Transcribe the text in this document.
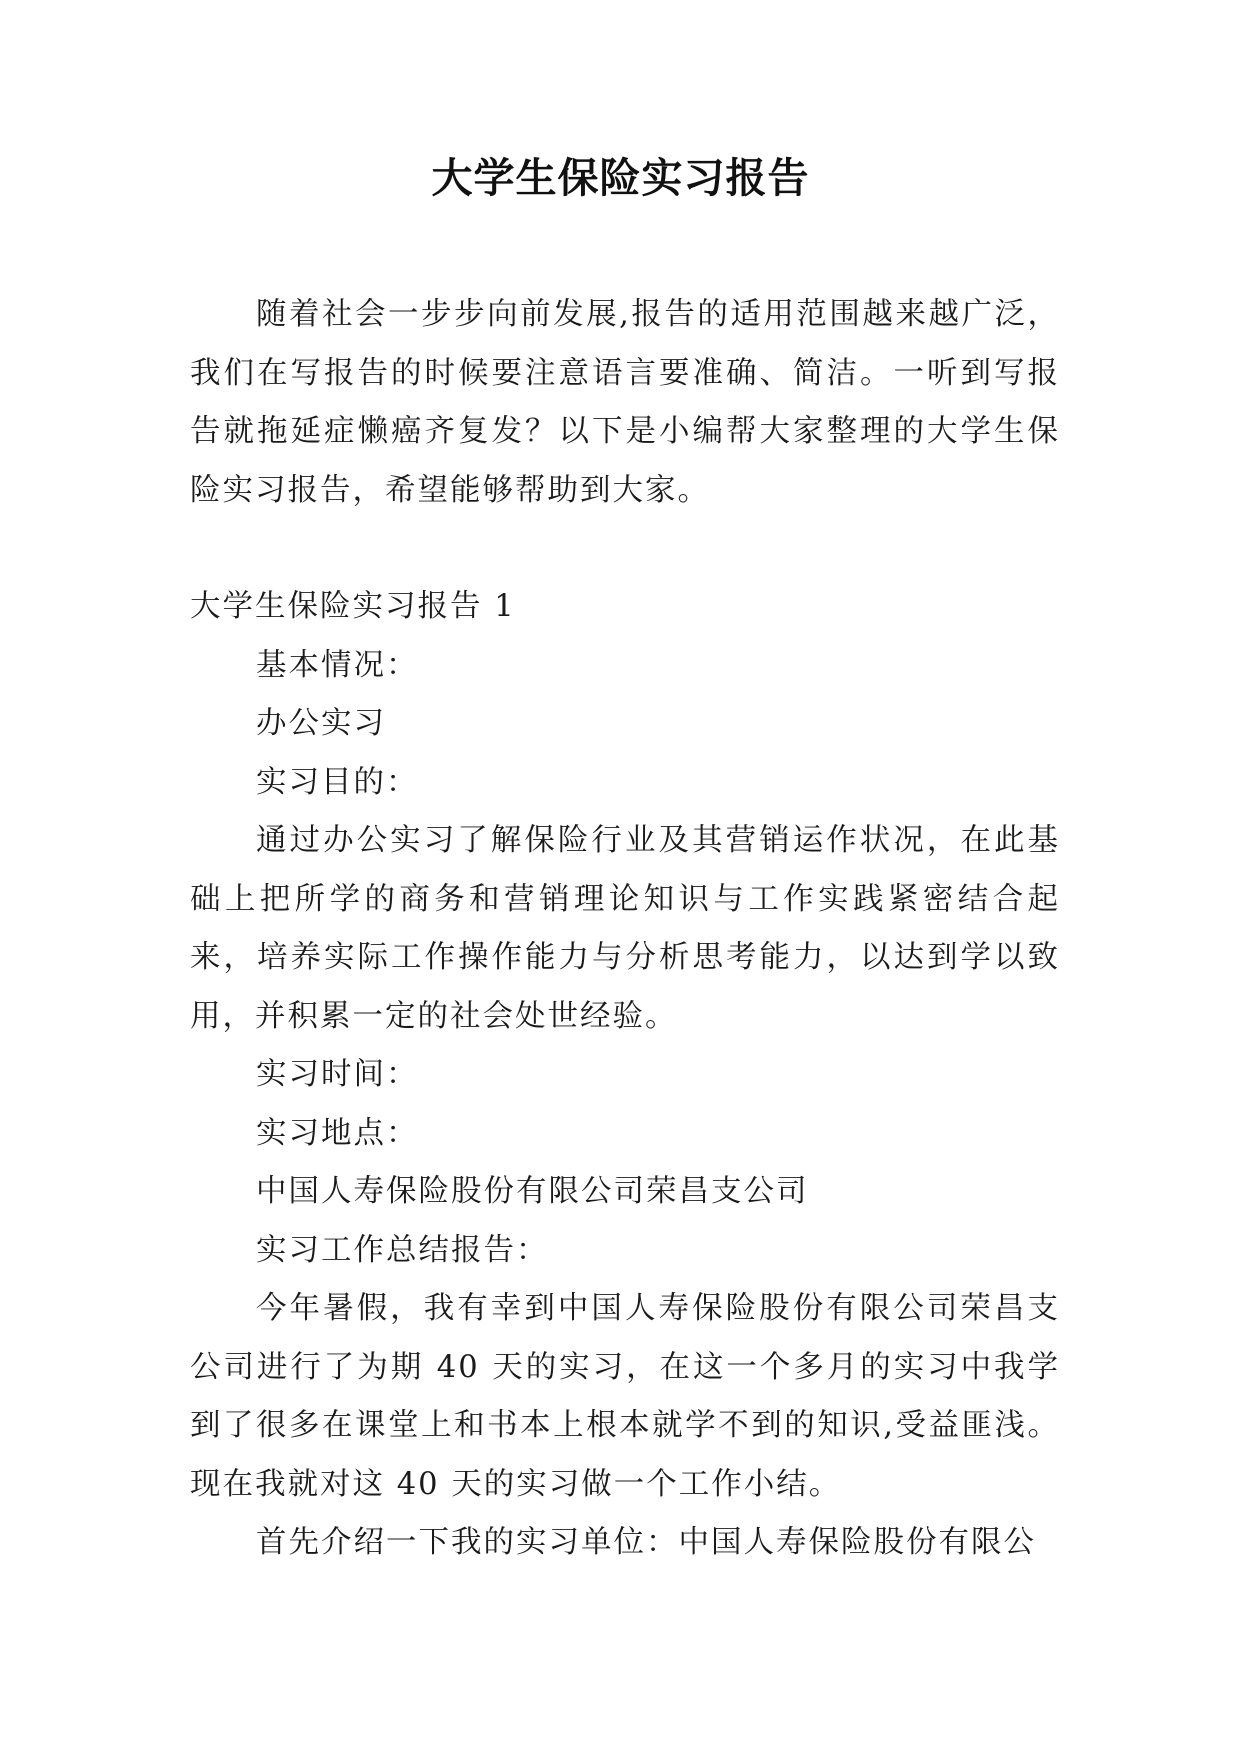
大学生保险实习报告

随着社会一步步向前发展,报告的适用范围越来越广泛，我们在写报告的时候要注意语言要准确、简洁。一听到写报告就拖延症懒癌齐复发？以下是小编帮大家整理的大学生保险实习报告，希望能够帮助到大家。

大学生保险实习报告 1

基本情况：

办公实习

实习目的：

通过办公实习了解保险行业及其营销运作状况，在此基础上把所学的商务和营销理论知识与工作实践紧密结合起来，培养实际工作操作能力与分析思考能力，以达到学以致用，并积累一定的社会处世经验。

实习时间：

实习地点：

中国人寿保险股份有限公司荣昌支公司

实习工作总结报告：

今年暑假，我有幸到中国人寿保险股份有限公司荣昌支公司进行了为期 40 天的实习，在这一个多月的实习中我学到了很多在课堂上和书本上根本就学不到的知识,受益匪浅。现在我就对这 40 天的实习做一个工作小结。

首先介绍一下我的实习单位：中国人寿保险股份有限公
